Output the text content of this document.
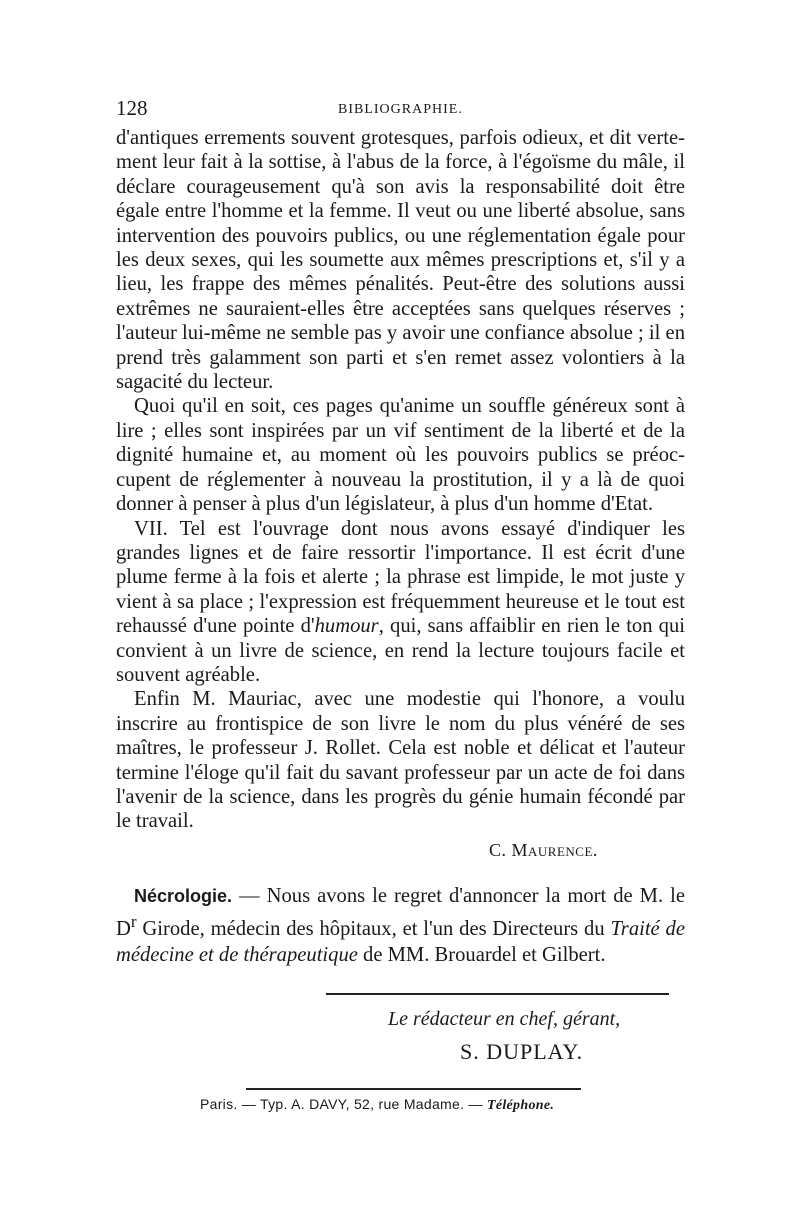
128	BIBLIOGRAPHIE.

d'antiques errements souvent grotesques, parfois odieux, et dit vertement leur fait à la sottise, à l'abus de la force, à l'égoïsme du mâle, il déclare courageusement qu'à son avis la responsabilité doit être égale entre l'homme et la femme. Il veut ou une liberté absolue, sans intervention des pouvoirs publics, ou une réglementation égale pour les deux sexes, qui les soumette aux mêmes prescriptions et, s'il y a lieu, les frappe des mêmes pénalités. Peut-être des solutions aussi extrêmes ne sauraient-elles être acceptées sans quelques réserves ; l'auteur lui-même ne semble pas y avoir une confiance absolue ; il en prend très galamment son parti et s'en remet assez volontiers à la sagacité du lecteur.

Quoi qu'il en soit, ces pages qu'anime un souffle généreux sont à lire ; elles sont inspirées par un vif sentiment de la liberté et de la dignité humaine et, au moment où les pouvoirs publics se préoccupent de réglementer à nouveau la prostitution, il y a là de quoi donner à penser à plus d'un législateur, à plus d'un homme d'Etat.

VII. Tel est l'ouvrage dont nous avons essayé d'indiquer les grandes lignes et de faire ressortir l'importance. Il est écrit d'une plume ferme à la fois et alerte ; la phrase est limpide, le mot juste y vient à sa place ; l'expression est fréquemment heureuse et le tout est rehaussé d'une pointe d'humour, qui, sans affaiblir en rien le ton qui convient à un livre de science, en rend la lecture toujours facile et souvent agréable.

Enfin M. Mauriac, avec une modestie qui l'honore, a voulu inscrire au frontispice de son livre le nom du plus vénéré de ses maîtres, le professeur J. Rollet. Cela est noble et délicat et l'auteur termine l'éloge qu'il fait du savant professeur par un acte de foi dans l'avenir de la science, dans les progrès du génie humain fécondé par le travail.

C. Maurence.
Nécrologie. — Nous avons le regret d'annoncer la mort de M. le $D^r$ Girode, médecin des hôpitaux, et l'un des Directeurs du Traité de médecine et de thérapeutique de MM. Brouardel et Gilbert.
Le rédacteur en chef, gérant,
S. DUPLAY.
Paris. — Typ. A. DAVY, 52, rue Madame. — Téléphone.
